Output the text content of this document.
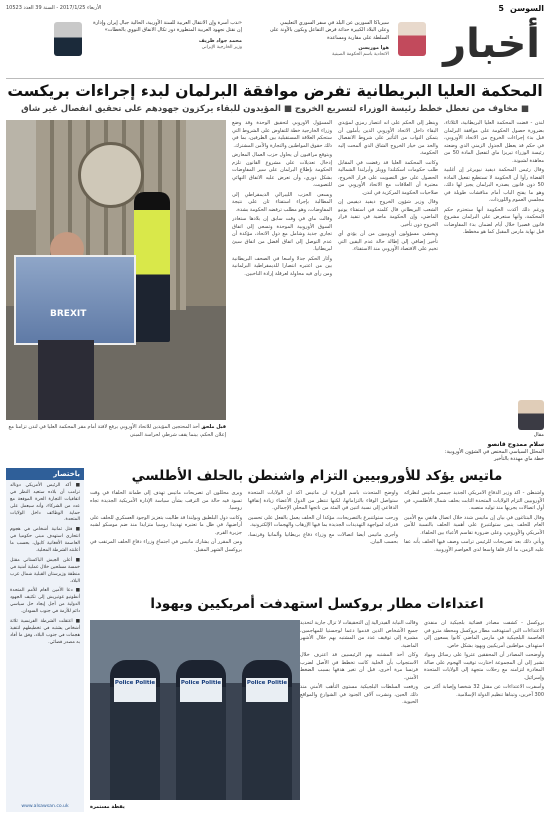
السوسن
5
الأربعاء 2017/1/25 - السنة 39 العدد 10523
أخبار
سيرياكا السورين عن البلد في سفر السوري التعليمي وعلى البلاد الكبيرة حداثة فرض التفاعل ويكون بالأونة على السلطة على مقاربة ومساعدة
هوا موريسن
الاتحادية باسم الحكومة الصينية
«ندب أسرة وإن الانتقال العربية للسنة الأوربية، الحالية جبال إيران وإدارة إن نقتل نجهود العربية المتطورة دور تكال الانفاق النووي بالخطات»
محمد جواد ظريف
وزير الخارجية الإيراني
المحكمة العليا البريطانية تفرض موافقة البرلمان لبدء إجراءات بريكست
■ مخاوف من تعطل خطط رئيسة الوزراء لتسريع الخروج ■ المؤيدون للبقاء يركزون جهودهم على تحقيق انفصال غير شاق

لندن - قضت المحكمة العليا البريطانية، الثلاثاء، بضرورة حصول الحكومة على موافقة البرلمان قبل بدء إجراءات الخروج من الاتحاد الأوروبي، في حكم قد يعطل الجدول الزمني الذي وضعته رئيسة الوزراء تيريزا ماي لتفعيل المادة 50 من معاهدة لشبونة.

وقال رئيس المحكمة ديفيد نيوبرغر إن أغلبية القضاة رأوا أن الحكومة لا تستطيع تفعيل المادة 50 دون قانون يصدره البرلمان يجيز لها ذلك، وهو ما يفتح الباب أمام مناقشات طويلة في مجلسي العموم واللوردات.

ورغم ذلك أكدت الحكومة أنها ستحترم حكم المحكمة، وأنها ستعرض على البرلمان مشروع قانون قصيرا خلال أيام لضمان بدء المفاوضات قبل نهاية مارس المقبل كما هو مخطط.

وينظر إلى الحكم على أنه انتصار رمزي لمؤيدي البقاء داخل الاتحاد الأوروبي الذين يأملون أن يتمكن النواب من التأثير على شروط الانفصال والحد من خيار الخروج الشاق الذي ألمحت إليه الحكومة.

وكانت المحكمة العليا قد رفضت في المقابل طلب حكومات اسكتلندا وويلز وأيرلندا الشمالية الحصول على حق التصويت على قرار الخروج، معتبرة أن العلاقات مع الاتحاد الأوروبي من صلاحيات الحكومة المركزية في لندن.

وقال وزير شؤون الخروج ديفيد ديفيس إن الشعب البريطاني قال كلمته في استفتاء يونيو الماضي، وإن الحكومة ماضية في تنفيذ قرار الخروج دون تأخير.

ويخشى مسؤولون أوروبيون من أن يؤدي أي تأخير إضافي إلى إطالة حالة عدم اليقين التي تخيم على الاقتصاد الأوروبي منذ الاستفتاء.

المسؤول الأوروبي لتحقيق الوحدة وقد وضع وزراء الخارجية خطة للتفاوض على الشروط التي ستحكم العلاقة المستقبلية بين الطرفين، بما في ذلك حقوق المواطنين والتجارة والأمن المشترك.

ويتوقع مراقبون أن يحاول حزب العمال المعارض إدخال تعديلات على مشروع القانون تلزم الحكومة بإطلاع البرلمان على سير المفاوضات بشكل دوري، وأن تعرض عليه الاتفاق النهائي للتصويت.

ويسعى الحزب الليبرالي الديمقراطي إلى المطالبة بإجراء استفتاء ثان على نتيجة المفاوضات، وهو مطلب ترفضه الحكومة بشدة.

وقالت ماي في وقت سابق إن بلادها ستغادر السوق الأوروبية الموحدة وتسعى إلى اتفاق تجاري جديد وشامل مع دول الاتحاد، مؤكدة أن عدم التوصل إلى اتفاق أفضل من اتفاق سيئ لبريطانيا.

وأثار الحكم جدلا واسعا في الصحف البريطانية بين من اعتبره انتصارا للديمقراطية البرلمانية ومن رأى فيه محاولة لعرقلة إرادة الناخبين.

BREXIT
قبل ملحق أحد المحتجين المؤيدين للاتحاد الأوروبي يرفع لافتة أمام مقر المحكمة العليا في لندن تزامنا مع إعلان الحكم، بينما يقف شرطي لحراسة المبنى	مقال
سلام ممدوح قانصو
المحلل السياسي المختص في الشؤون الأوروبية: خطة ماي مهددة بالتأخير
باختصار

■ أكد الرئيس الأمريكي دونالد ترامب أن بلاده ستعيد النظر في اتفاقيات التجارة الحرة الموقعة مع عدد من الشركاء، وأنه سيعمل على حماية الوظائف داخل الولايات المتحدة.

■ قتل ثمانية أشخاص في هجوم انتحاري استهدف مبنى حكوميا في العاصمة الأفغانية كابول، بحسب ما أعلنته الشرطة المحلية.

■ أعلن الجيش الباكستاني مقتل خمسة مسلحين خلال عملية أمنية في منطقة وزيرستان القبلية شمال غرب البلاد.

■ دعا الأمين العام للأمم المتحدة أنطونيو غوتيريش إلى تكثيف الجهود الدولية من أجل إيجاد حل سياسي دائم للأزمة في جنوب السودان.

■ اعتقلت الشرطة الفرنسية ثلاثة أشخاص يشتبه في تخطيطهم لتنفيذ هجمات في جنوب البلاد، وفق ما أفاد به مصدر قضائي.

www.alsawsan.co.uk
ماتيس يؤكد للأوروبيين التزام واشنطن بالحلف الأطلسي

واشنطن - أكد وزير الدفاع الأمريكي الجديد جيمس ماتيس لنظرائه الأوروبيين التزام الولايات المتحدة الثابت بحلف شمال الأطلسي، في أول اتصالات يجريها منذ توليه منصبه.

وقال البنتاغون في بيان إن ماتيس شدد خلال اتصال هاتفي مع الأمين العام للحلف ينس ستولتنبرغ على أهمية الحلف بالنسبة للأمن الأمريكي والأوروبي، وعلى ضرورة تقاسم الأعباء بين الحلفاء.

ويأتي ذلك بعد تصريحات للرئيس ترامب وصف فيها الحلف بأنه عفا عليه الزمن، ما أثار قلقا واسعا لدى العواصم الأوروبية.

وأوضح المتحدث باسم الوزارة أن ماتيس أكد أن الولايات المتحدة ستواصل الوفاء بالتزاماتها، لكنها تنتظر من الدول الأعضاء زيادة إنفاقها الدفاعي إلى نسبة اثنين في المئة من ناتجها المحلي الإجمالي.

ورحب ستولتنبرغ بالتصريحات، مؤكدا أن الحلف يعمل بالفعل على تحسين قدراته لمواجهة التهديدات الجديدة بما فيها الإرهاب والهجمات الإلكترونية.

وأجرى ماتيس أيضا اتصالات مع وزراء دفاع بريطانيا وألمانيا وفرنسا، بحسب البيان.

ويرى محللون أن تصريحات ماتيس تهدف إلى طمأنة الحلفاء في وقت تسود فيه حالة من الترقب بشأن سياسة الإدارة الأمريكية الجديدة تجاه روسيا.

وكانت دول البلطيق وبولندا قد طالبت بتعزيز الوجود العسكري للحلف على أراضيها، في ظل ما تعتبره تهديدا روسيا متزايدا منذ ضم موسكو لشبه جزيرة القرم.

ومن المقرر أن يشارك ماتيس في اجتماع وزراء دفاع الحلف المرتقب في بروكسل الشهر المقبل.

اعتداءات مطار بروكسل استهدفت أمريكيين ويهودا

بروكسل - كشفت مصادر قضائية بلجيكية أن منفذي الاعتداءات التي استهدفت مطار بروكسل ومحطة مترو في العاصمة البلجيكية في مارس الماضي كانوا يسعون إلى استهداف مواطنين أمريكيين ويهود بشكل خاص.

وأوضحت المصادر أن المحققين عثروا على رسائل ومواد تشير إلى أن المجموعة اختارت توقيت الهجوم على صالة المغادرة لتزامنه مع رحلات متجهة إلى الولايات المتحدة وإسرائيل.

وأسفرت الاعتداءات عن مقتل 32 شخصا وإصابة أكثر من 300 آخرين، وتبناها تنظيم الدولة الإسلامية.

وقالت النيابة الفيدرالية إن التحقيقات لا تزال جارية لتحديد جميع الأشخاص الذين قدموا دعما لوجستيا للمهاجمين، مشيرة إلى توقيف عدد من المشتبه بهم خلال الأشهر الماضية.

وكان أحد المشتبه بهم الرئيسيين قد اعترف خلال الاستجواب بأن الخلية كانت تخطط في الأصل لضرب فرنسا مرة أخرى، قبل أن تغير هدفها بسبب الضغط الأمني.

ورفعت السلطات البلجيكية مستوى التأهب الأمني منذ ذلك الحين، ونشرت آلاف الجنود في الشوارع والمواقع الحيوية.

Police Politie	Police Politie	Police Politie
يقظة مستمرة
